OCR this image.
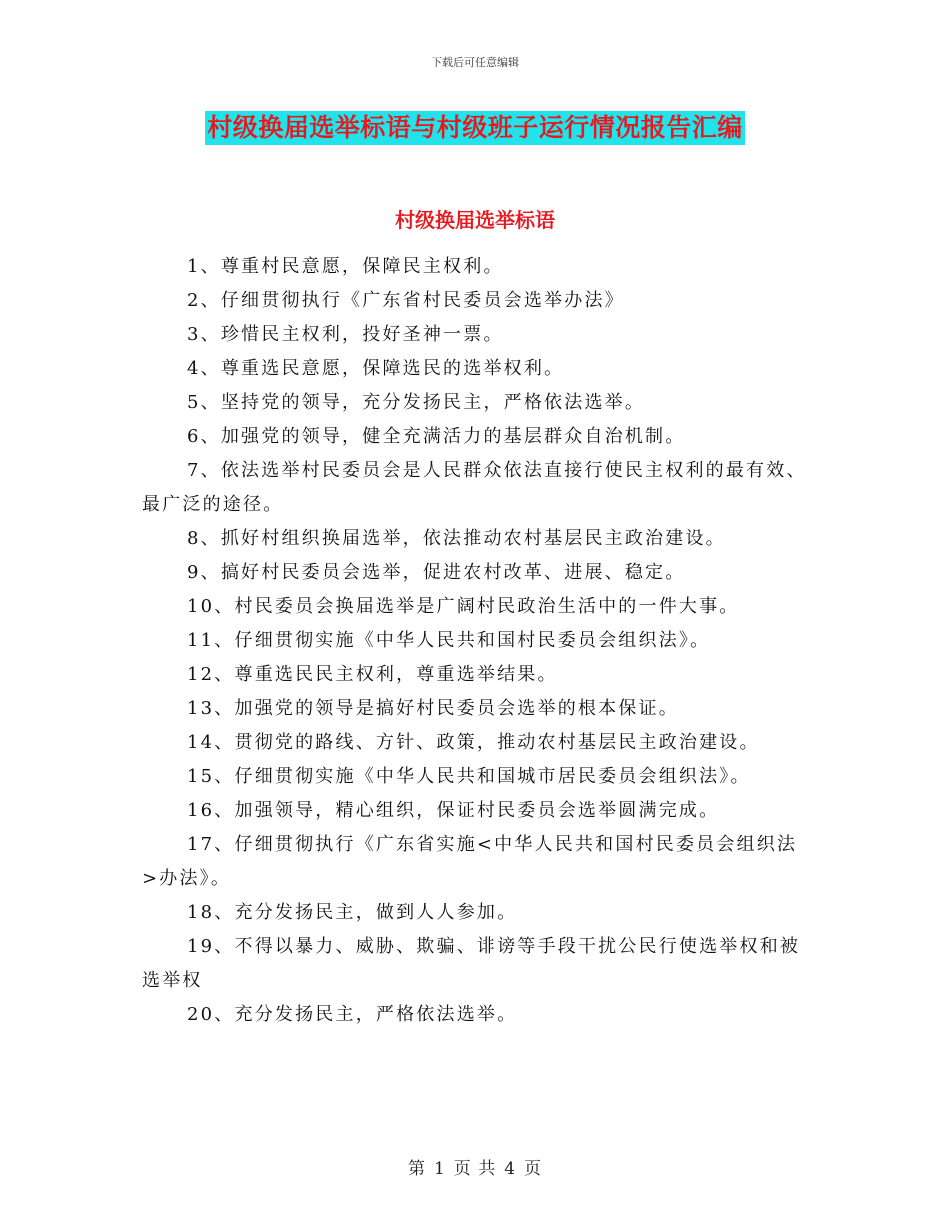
下载后可任意编辑
村级换届选举标语与村级班子运行情况报告汇编
村级换届选举标语
1、尊重村民意愿，保障民主权利。
2、仔细贯彻执行《广东省村民委员会选举办法》
3、珍惜民主权利，投好圣神一票。
4、尊重选民意愿，保障选民的选举权利。
5、坚持党的领导，充分发扬民主，严格依法选举。
6、加强党的领导，健全充满活力的基层群众自治机制。
7、依法选举村民委员会是人民群众依法直接行使民主权利的最有效、最广泛的途径。
8、抓好村组织换届选举，依法推动农村基层民主政治建设。
9、搞好村民委员会选举，促进农村改革、进展、稳定。
10、村民委员会换届选举是广阔村民政治生活中的一件大事。
11、仔细贯彻实施《中华人民共和国村民委员会组织法》。
12、尊重选民民主权利，尊重选举结果。
13、加强党的领导是搞好村民委员会选举的根本保证。
14、贯彻党的路线、方针、政策，推动农村基层民主政治建设。
15、仔细贯彻实施《中华人民共和国城市居民委员会组织法》。
16、加强领导，精心组织，保证村民委员会选举圆满完成。
17、仔细贯彻执行《广东省实施<中华人民共和国村民委员会组织法>办法》。
18、充分发扬民主，做到人人参加。
19、不得以暴力、威胁、欺骗、诽谤等手段干扰公民行使选举权和被选举权
20、充分发扬民主，严格依法选举。
第 1 页 共 4 页
